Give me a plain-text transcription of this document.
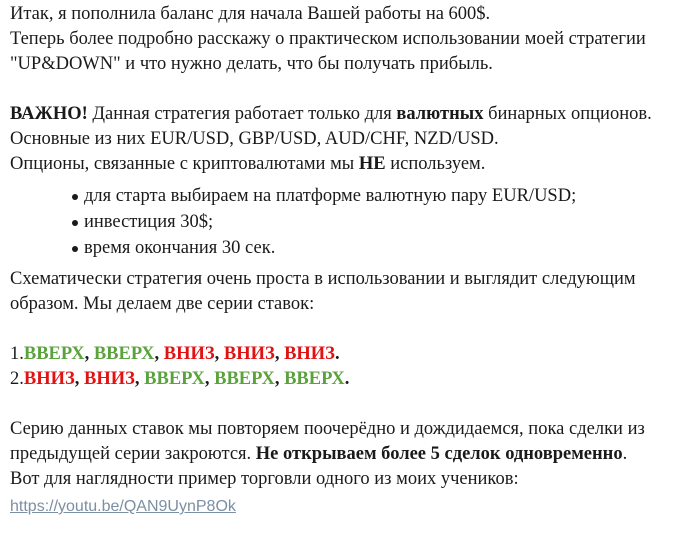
Итак, я пополнила баланс для начала Вашей работы на 600$.
Теперь более подробно расскажу о практическом использовании моей стратегии "UP&DOWN" и что нужно делать, что бы получать прибыль.

ВАЖНО! Данная стратегия работает только для валютных бинарных опционов. Основные из них EUR/USD, GBP/USD, AUD/CHF, NZD/USD.
Опционы, связанные с криптовалютами мы НЕ используем.

для старта выбираем на платформе валютную пару EUR/USD;
инвестиция 30$;
время окончания 30 сек.

Схематически стратегия очень проста в использовании и выглядит следующим образом. Мы делаем две серии ставок:

1.ВВЕРХ, ВВЕРХ, ВНИЗ, ВНИЗ, ВНИЗ.

2.ВНИЗ, ВНИЗ, ВВЕРХ, ВВЕРХ, ВВЕРХ.

Серию данных ставок мы повторяем поочерёдно и дождидаемся, пока сделки из предыдущей серии закроются. Не открываем более 5 сделок одновременно.
Вот для наглядности пример торговли одного из моих учеников:

https://youtu.be/QAN9UynP8Ok
